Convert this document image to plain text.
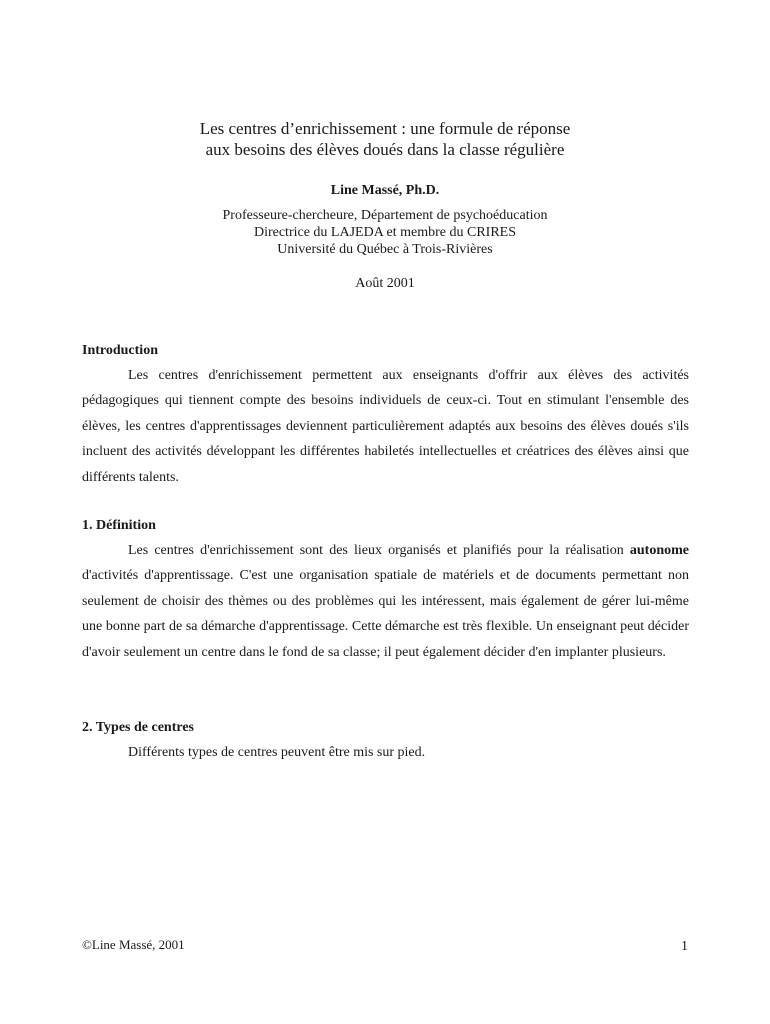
Les centres d’enrichissement : une formule de réponse
aux besoins des élèves doués dans la classe régulière
Line Massé, Ph.D.
Professeure-chercheure, Département de psychoéducation
Directrice du LAJEDA et membre du CRIRES
Université du Québec à Trois-Rivières
Août 2001

Introduction

Les centres d'enrichissement permettent aux enseignants d'offrir aux élèves des activités pédagogiques qui tiennent compte des besoins individuels de ceux-ci. Tout en stimulant l'ensemble des élèves, les centres d'apprentissages deviennent particulièrement adaptés aux besoins des élèves doués s'ils incluent des activités développant les différentes habiletés intellectuelles et créatrices des élèves ainsi que différents talents.

1. Définition

Les centres d'enrichissement sont des lieux organisés et planifiés pour la réalisation autonome d'activités d'apprentissage. C'est une organisation spatiale de matériels et de documents permettant non seulement de choisir des thèmes ou des problèmes qui les intéressent, mais également de gérer lui-même une bonne part de sa démarche d'apprentissage. Cette démarche est très flexible. Un enseignant peut décider d'avoir seulement un centre dans le fond de sa classe; il peut également décider d'en implanter plusieurs.

2. Types de centres

Différents types de centres peuvent être mis sur pied.

©Line Massé, 2001	1
